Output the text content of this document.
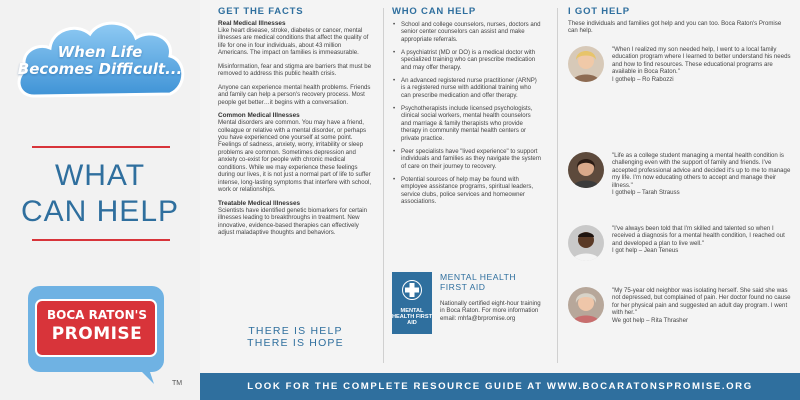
When Life
Becomes Difficult...
WHAT
CAN HELP
BOCA RATON'S
PROMISE
TM
GET THE FACTS
Real Medical Illnesses

Like heart disease, stroke, diabetes or cancer, mental illnesses are medical conditions that affect the quality of life for one in four individuals, about 43 million Americans. The impact on families is immeasurable.

Misinformation, fear and stigma are barriers that must be removed to address this public health crisis.

Anyone can experience mental health problems. Friends and family can help a person's recovery process. Most people get better…it begins with a conversation.

Common Medical Illnesses

Mental disorders are common. You may have a friend, colleague or relative with a mental disorder, or perhaps you have experienced one yourself at some point. Feelings of sadness, anxiety, worry, irritability or sleep problems are common. Sometimes depression and anxiety co-exist for people with chronic medical conditions. While we may experience these feelings during our lives, it is not just a normal part of life to suffer intense, long-lasting symptoms that interfere with school, work or relationships.

Treatable Medical Illnesses

Scientists have identified genetic biomarkers for certain illnesses leading to breakthroughs in treatment. New innovative, evidence-based therapies can effectively adjust maladaptive thoughts and behaviors.

THERE IS HELP
THERE IS HOPE
WHO CAN HELP
• School and college counselors, nurses, doctors and senior center counselors can assist and make appropriate referrals.
• A psychiatrist (MD or DO) is a medical doctor with specialized training who can prescribe medication and may offer therapy.
• An advanced registered nurse practitioner (ARNP) is a registered nurse with additional training who can prescribe medication and offer therapy.
• Psychotherapists include licensed psychologists, clinical social workers, mental health counselors and marriage & family therapists who provide therapy in community mental health centers or private practice.
• Peer specialists have "lived experience" to support individuals and families as they navigate the system of care on their journey to recovery.
• Potential sources of help may be found with employee assistance programs, spiritual leaders, service clubs, police services and homeowner associations.
MENTAL HEALTH FIRST AID
MENTAL HEALTH
FIRST AID
Nationally certified eight-hour training in Boca Raton. For more information email: mhfa@brpromise.org
I GOT HELP

These individuals and families got help and you can too. Boca Raton's Promise can help.

"When I realized my son needed help, I went to a local family education program where I learned to better understand his needs and how to find resources. These educational programs are available in Boca Raton."
I gothelp – Ro Rabozzi
"Life as a college student managing a mental health condition is challenging even with the support of family and friends. I've accepted professional advice and decided it's up to me to manage my life. I'm now educating others to accept and manage their illness."
I gothelp – Tarah Strauss
"I've always been told that I'm skilled and talented so when I received a diagnosis for a mental health condition, I reached out and developed a plan to live well."
I got help – Jean Teneus
"My 75-year old neighbor was isolating herself. She said she was not depressed, but complained of pain. Her doctor found no cause for her physical pain and suggested an adult day program. I went with her."
We got help – Rita Thrasher
LOOK FOR THE COMPLETE RESOURCE GUIDE AT WWW.BOCARATONSPROMISE.ORG
